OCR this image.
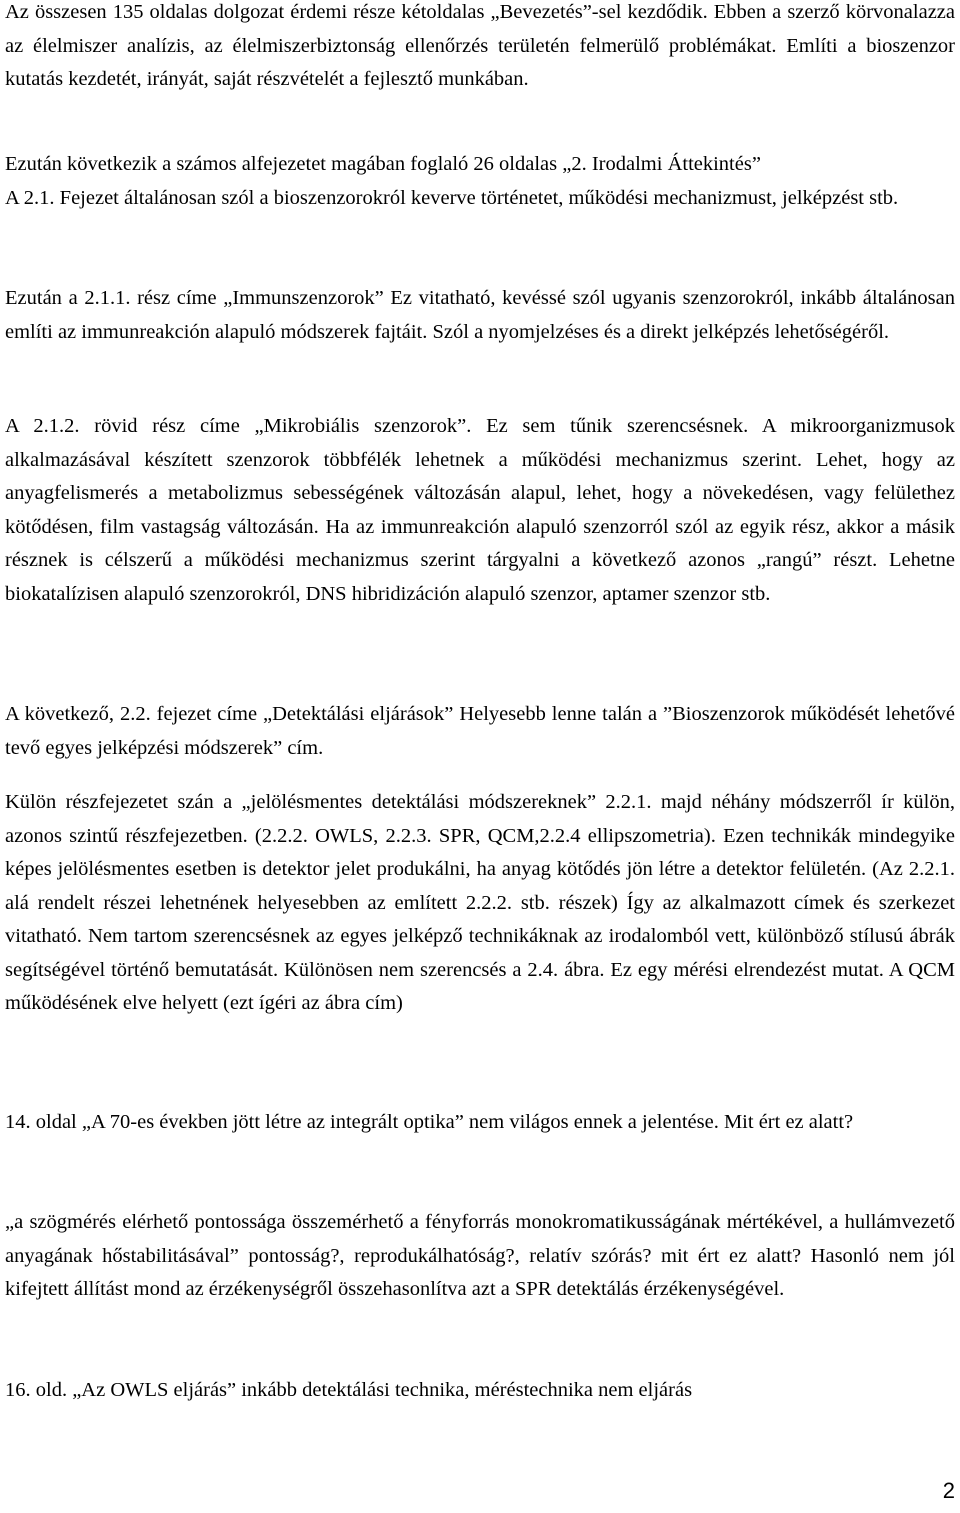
Az összesen 135 oldalas dolgozat érdemi része kétoldalas „Bevezetés”-sel kezdődik. Ebben a szerző körvonalazza az élelmiszer analízis, az élelmiszerbiztonság ellenőrzés területén felmerülő problémákat. Említi a bioszenzor kutatás kezdetét, irányát, saját részvételét a fejlesztő munkában.

Ezután következik a számos alfejezetet magában foglaló 26 oldalas „2. Irodalmi Áttekintés”

A 2.1. Fejezet általánosan szól a bioszenzorokról keverve történetet, működési mechanizmust, jelképzést stb.

Ezután a 2.1.1. rész címe „Immunszenzorok” Ez vitatható, kevéssé szól ugyanis szenzorokról, inkább általánosan említi az immunreakción alapuló módszerek fajtáit. Szól a nyomjelzéses és a direkt jelképzés lehetőségéről.

A 2.1.2. rövid rész címe „Mikrobiális szenzorok”. Ez sem tűnik szerencsésnek. A mikroorganizmusok alkalmazásával készített szenzorok többfélék lehetnek a működési mechanizmus szerint. Lehet, hogy az anyagfelismerés a metabolizmus sebességének változásán alapul, lehet, hogy a növekedésen, vagy felülethez kötődésen, film vastagság változásán. Ha az immunreakción alapuló szenzorról szól az egyik rész, akkor a másik résznek is célszerű a működési mechanizmus szerint tárgyalni a következő azonos „rangú” részt. Lehetne biokatalízisen alapuló szenzorokról, DNS hibridizáción alapuló szenzor, aptamer szenzor stb.

A következő, 2.2. fejezet címe „Detektálási eljárások” Helyesebb lenne talán a ”Bioszenzorok működését lehetővé tevő egyes jelképzési módszerek” cím.

Külön részfejezetet szán a „jelölésmentes detektálási módszereknek” 2.2.1. majd néhány módszerről ír külön, azonos szintű részfejezetben. (2.2.2. OWLS, 2.2.3. SPR, QCM,2.2.4 ellipszometria). Ezen technikák mindegyike képes jelölésmentes esetben is detektor jelet produkálni, ha anyag kötődés jön létre a detektor felületén. (Az 2.2.1. alá rendelt részei lehetnének helyesebben az említett 2.2.2. stb. részek) Így az alkalmazott címek és szerkezet vitatható. Nem tartom szerencsésnek az egyes jelképző technikáknak az irodalomból vett, különböző stílusú ábrák segítségével történő bemutatását. Különösen nem szerencsés a 2.4. ábra. Ez egy mérési elrendezést mutat. A QCM működésének elve helyett (ezt ígéri az ábra cím)

14. oldal „A 70-es években jött létre az integrált optika” nem világos ennek a jelentése. Mit ért ez alatt?

„a szögmérés elérhető pontossága összemérhető a fényforrás monokromatikusságának mértékével, a hullámvezető anyagának hőstabilitásával” pontosság?, reprodukálhatóság?, relatív szórás? mit ért ez alatt? Hasonló nem jól kifejtett állítást mond az érzékenységről összehasonlítva azt a SPR detektálás érzékenységével.

16. old. „Az OWLS eljárás” inkább detektálási technika, méréstechnika nem eljárás

2
